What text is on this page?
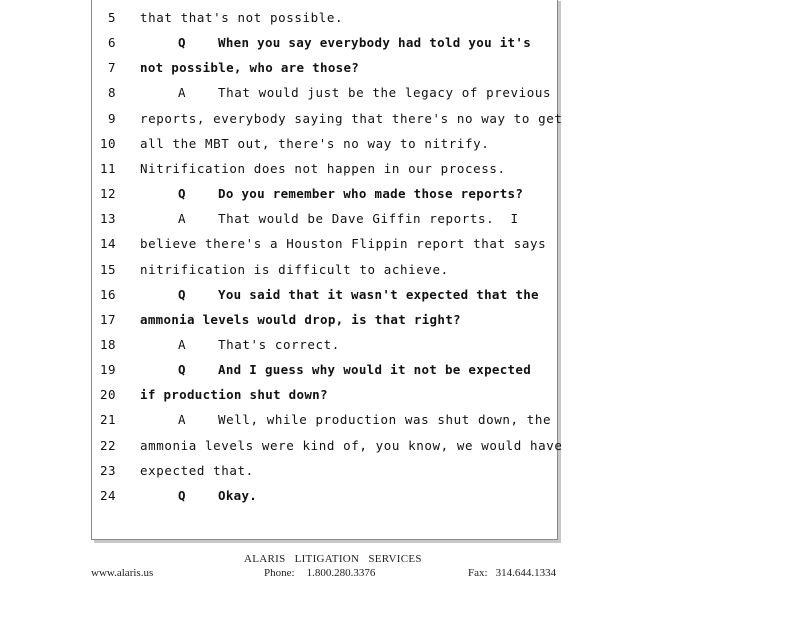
5 that that's not possible.
6	Q	When you say everybody had told you it's
7 not possible, who are those?
8	A	That would just be the legacy of previous
9 reports, everybody saying that there's no way to get
10 all the MBT out, there's no way to nitrify.
11 Nitrification does not happen in our process.
12	Q	Do you remember who made those reports?
13	A	That would be Dave Giffin reports.  I
14 believe there's a Houston Flippin report that says
15 nitrification is difficult to achieve.
16	Q	You said that it wasn't expected that the
17 ammonia levels would drop, is that right?
18	A	That's correct.
19	Q	And I guess why would it not be expected
20 if production shut down?
21	A	Well, while production was shut down, the
22 ammonia levels were kind of, you know, we would have
23 expected that.
24	Q	Okay.
ALARIS LITIGATION SERVICES
www.alaris.us	Phone: 1.800.280.3376	Fax: 314.644.1334
